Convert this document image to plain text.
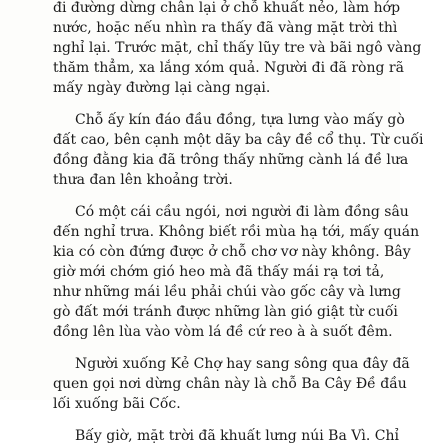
đi đường dừng chân lại ở chỗ khuất nẻo, làm hớp
nước, hoặc nếu nhìn ra thấy đã vàng mặt trời thì
nghỉ lại. Trước mặt, chỉ thấy lũy tre và bãi ngô vàng
thăm thẳm, xa lắng xóm quả. Người đi đã ròng rã
mấy ngày đường lại càng ngại.
Chỗ ấy kín đáo đầu đồng, tựa lưng vào mấy gò
đất cao, bên cạnh một dãy ba cây đề cổ thụ. Từ cuối
đồng đằng kia đã trông thấy những cành lá đề lưa
thưa đan lên khoảng trời.
Có một cái cầu ngói, nơi người đi làm đồng sâu
đến nghỉ trưa. Không biết rồi mùa hạ tới, mấy quán
kia có còn đứng được ở chỗ chơ vơ này không. Bây
giờ mới chớm gió heo mà đã thấy mái rạ tơi tả,
như những mái lều phải chúi vào gốc cây và lưng
gò đất mới tránh được những làn gió giật từ cuối
đồng lên lùa vào vòm lá đề cứ reo à à suốt đêm.
Người xuống Kẻ Chợ hay sang sông qua đây đã
quen gọi nơi dừng chân này là chỗ Ba Cây Đề đầu
lối xuống bãi Cốc.
Bấy giờ, mặt trời đã khuất lưng núi Ba Vì. Chỉ
